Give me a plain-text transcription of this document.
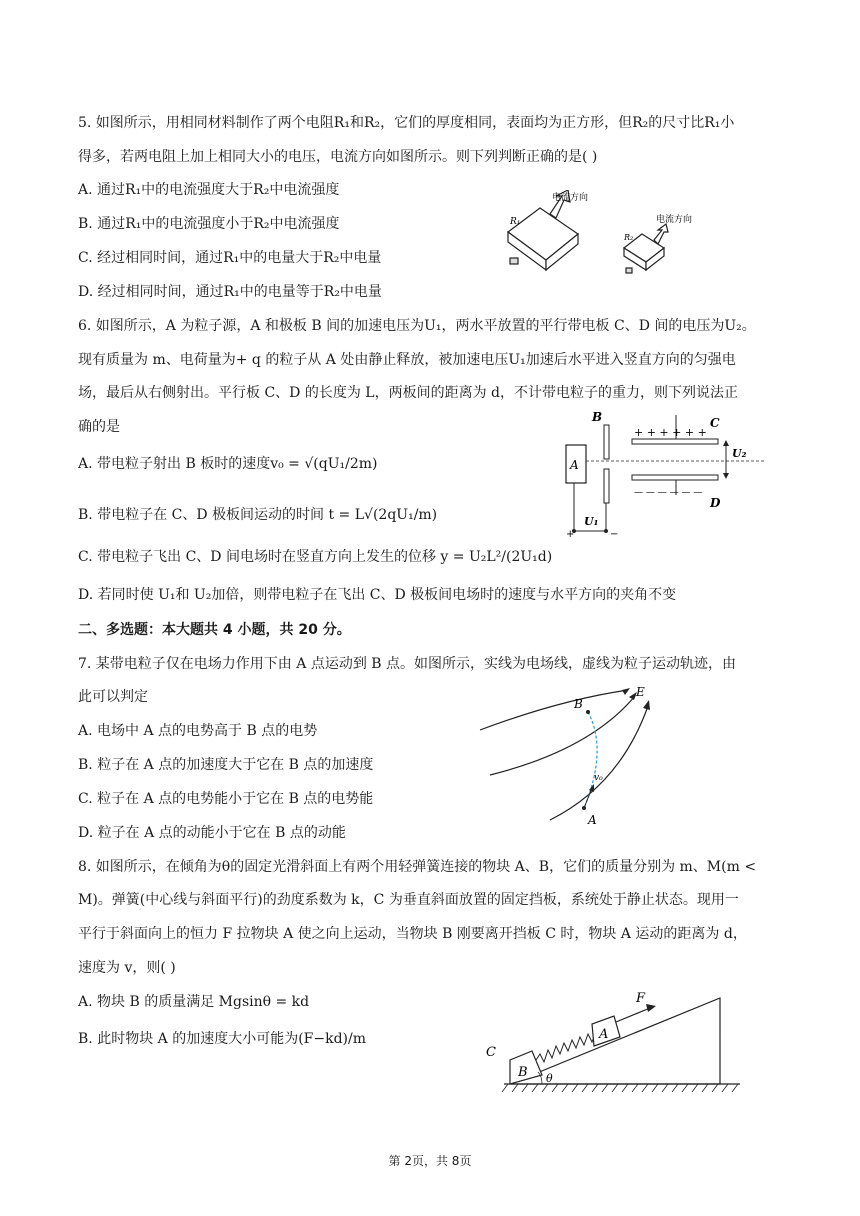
5. 如图所示，用相同材料制作了两个电阻R₁和R₂，它们的厚度相同，表面均为正方形，但R₂的尺寸比R₁小
得多，若两电阻上加上相同大小的电压，电流方向如图所示。则下列判断正确的是( )
A. 通过R₁中的电流强度大于R₂中电流强度
B. 通过R₁中的电流强度小于R₂中电流强度
C. 经过相同时间，通过R₁中的电量大于R₂中电量
D. 经过相同时间，通过R₁中的电量等于R₂中电量
R₁
电流方向
R₂
电流方向
6. 如图所示，A 为粒子源，A 和极板 B 间的加速电压为U₁，两水平放置的平行带电板 C、D 间的电压为U₂。
现有质量为 m、电荷量为+ q 的粒子从 A 处由静止释放，被加速电压U₁加速后水平进入竖直方向的匀强电
场，最后从右侧射出。平行板 C、D 的长度为 L，两板间的距离为 d，不计带电粒子的重力，则下列说法正
确的是
A. 带电粒子射出 B 板时的速度v₀ = √(qU₁/2m)
B. 带电粒子在 C、D 极板间运动的时间 t = L√(2qU₁/m)
C. 带电粒子飞出 C、D 间电场时在竖直方向上发生的位移 y = U₂L²/(2U₁d)
D. 若同时使 U₁和 U₂加倍，则带电粒子在飞出 C、D 极板间电场时的速度与水平方向的夹角不变
A
B
+ + + + + +
— — — — — —
C
D
U₂
+	−
U₁
二、多选题：本大题共 4 小题，共 20 分。
7. 某带电粒子仅在电场力作用下由 A 点运动到 B 点。如图所示，实线为电场线，虚线为粒子运动轨迹，由
此可以判定
A. 电场中 A 点的电势高于 B 点的电势
B. 粒子在 A 点的加速度大于它在 B 点的加速度
C. 粒子在 A 点的电势能小于它在 B 点的电势能
D. 粒子在 A 点的动能小于它在 B 点的动能
B
A
E
v₀
8. 如图所示，在倾角为θ的固定光滑斜面上有两个用轻弹簧连接的物块 A、B，它们的质量分别为 m、M(m <
M)。弹簧(中心线与斜面平行)的劲度系数为 k，C 为垂直斜面放置的固定挡板，系统处于静止状态。现用一
平行于斜面向上的恒力 F 拉物块 A 使之向上运动，当物块 B 刚要离开挡板 C 时，物块 A 运动的距离为 d，
速度为 v，则( )
A. 物块 B 的质量满足 Mgsinθ = kd
B. 此时物块 A 的加速度大小可能为(F−kd)/m
B
C
A
F
θ
第 2页，共 8页
